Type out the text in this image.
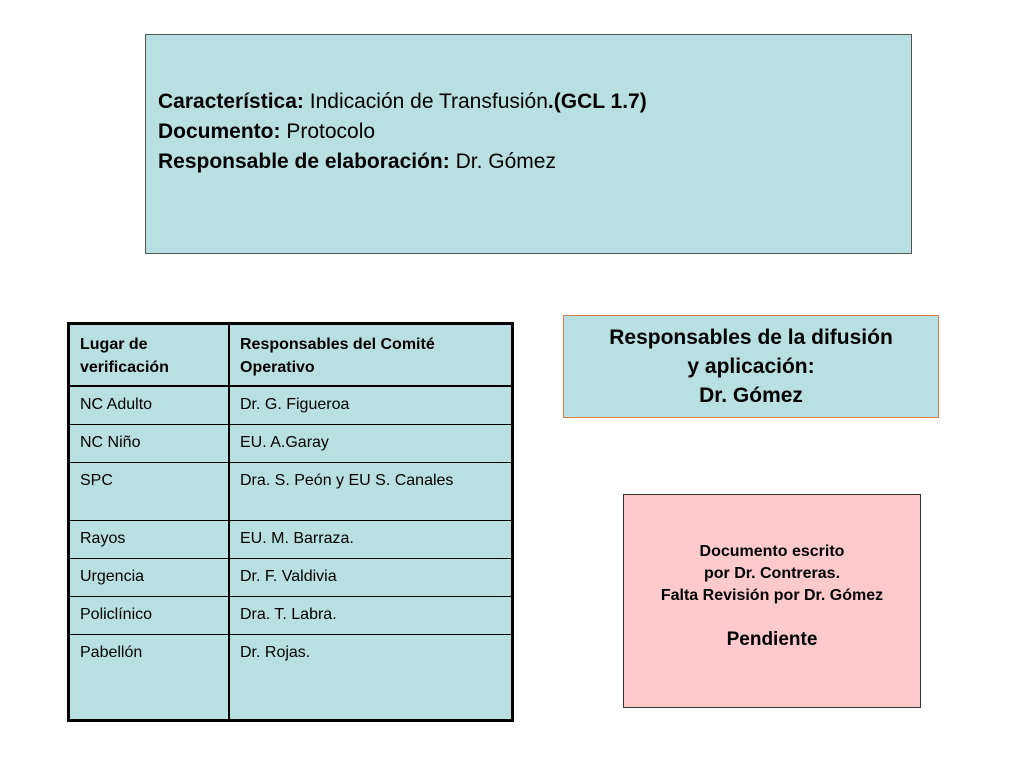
Característica: Indicación de Transfusión.(GCL 1.7)
Documento: Protocolo
Responsable de elaboración: Dr. Gómez
Lugar de verificación	Responsables del Comité Operativo
NC Adulto	Dr. G. Figueroa
NC Niño	EU. A.Garay
SPC	Dra. S. Peón y EU S. Canales
Rayos	EU. M. Barraza.
Urgencia	Dr. F. Valdivia
Policlínico	Dra. T. Labra.
Pabellón	Dr. Rojas.
Responsables de la difusión
y aplicación:
Dr. Gómez
Documento escrito
por Dr. Contreras.
Falta Revisión por Dr. Gómez
Pendiente
